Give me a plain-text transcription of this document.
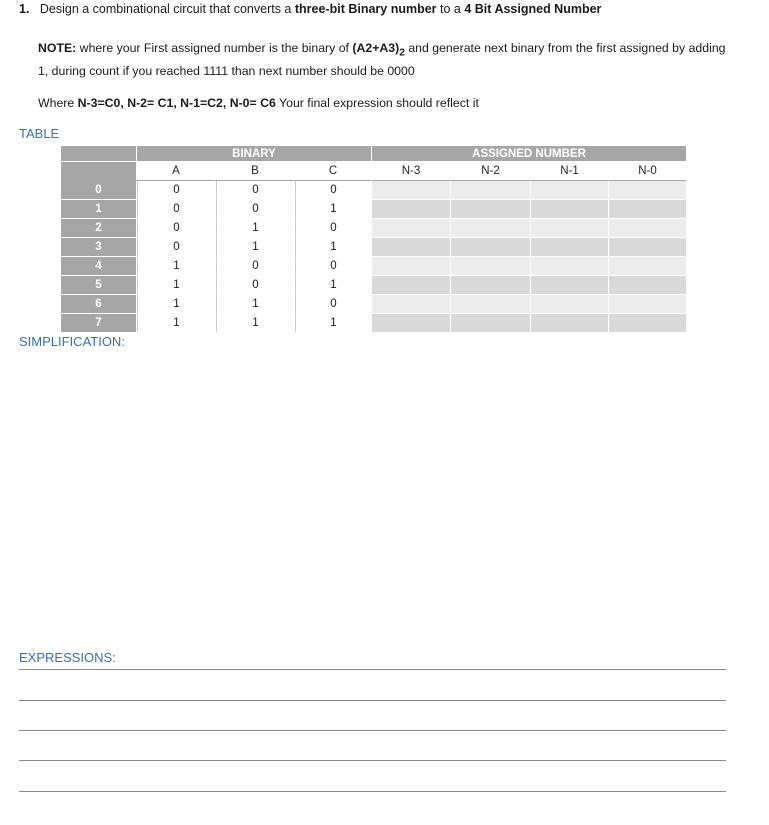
1. Design a combinational circuit that converts a three-bit Binary number to a 4 Bit Assigned Number
NOTE: where your First assigned number is the binary of $(A2+A3)_2$ and generate next binary from the first assigned by adding 1, during count if you reached 1111 than next number should be 0000
Where N-3=C0, N-2= C1, N-1=C2, N-0= C6 Your final expression should reflect it
TABLE
	BINARY			ASSIGNED NUMBER			
	A	B	C	N-3	N-2	N-1	N-0
0	0	0	0				
1	0	0	1				
2	0	1	0				
3	0	1	1				
4	1	0	0				
5	1	0	1				
6	1	1	0				
7	1	1	1				
SIMPLIFICATION:
EXPRESSIONS:
